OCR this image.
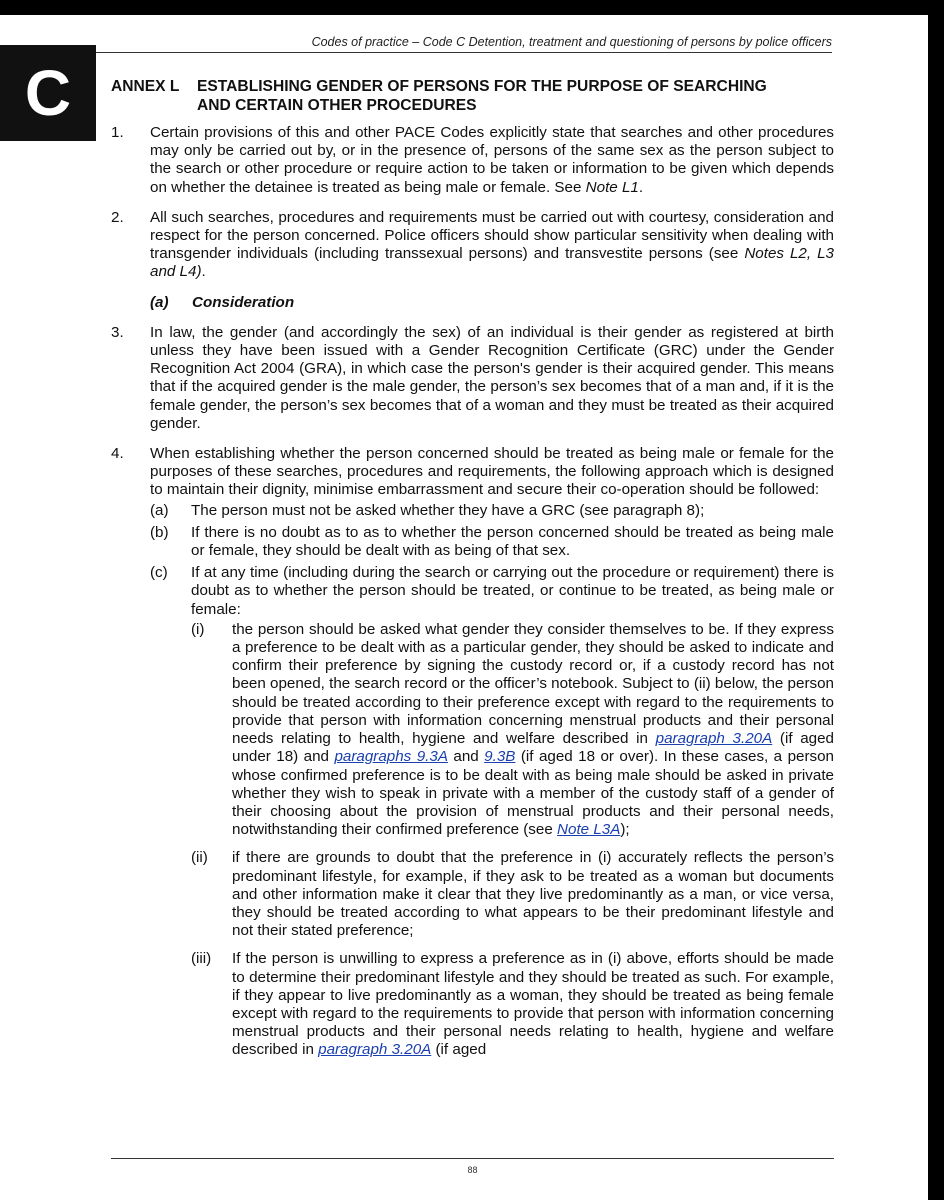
Codes of practice – Code C Detention, treatment and questioning of persons by police officers
C	ANNEX L	ESTABLISHING GENDER OF PERSONS FOR THE PURPOSE OF SEARCHING
AND CERTAIN OTHER PROCEDURES
1.	Certain provisions of this and other PACE Codes explicitly state that searches and other procedures may only be carried out by, or in the presence of, persons of the same sex as the person subject to the search or other procedure or require action to be taken or information to be given which depends on whether the detainee is treated as being male or female. See Note L1.
2.	All such searches, procedures and requirements must be carried out with courtesy, consideration and respect for the person concerned. Police officers should show particular sensitivity when dealing with transgender individuals (including transsexual persons) and transvestite persons (see Notes L2, L3 and L4).
(a)	Consideration
3.	In law, the gender (and accordingly the sex) of an individual is their gender as registered at birth unless they have been issued with a Gender Recognition Certificate (GRC) under the Gender Recognition Act 2004 (GRA), in which case the person's gender is their acquired gender. This means that if the acquired gender is the male gender, the person’s sex becomes that of a man and, if it is the female gender, the person’s sex becomes that of a woman and they must be treated as their acquired gender.
4.	When establishing whether the person concerned should be treated as being male or female for the purposes of these searches, procedures and requirements, the following approach which is designed to maintain their dignity, minimise embarrassment and secure their co-operation should be followed:
(a)	The person must not be asked whether they have a GRC (see paragraph 8);
(b)	If there is no doubt as to as to whether the person concerned should be treated as being male or female, they should be dealt with as being of that sex.
(c)	If at any time (including during the search or carrying out the procedure or requirement) there is doubt as to whether the person should be treated, or continue to be treated, as being male or female:
(i)	the person should be asked what gender they consider themselves to be. If they express a preference to be dealt with as a particular gender, they should be asked to indicate and confirm their preference by signing the custody record or, if a custody record has not been opened, the search record or the officer’s notebook. Subject to (ii) below, the person should be treated according to their preference except with regard to the requirements to provide that person with information concerning menstrual products and their personal needs relating to health, hygiene and welfare described in paragraph 3.20A (if aged under 18) and paragraphs 9.3A and 9.3B (if aged 18 or over). In these cases, a person whose confirmed preference is to be dealt with as being male should be asked in private whether they wish to speak in private with a member of the custody staff of a gender of their choosing about the provision of menstrual products and their personal needs, notwithstanding their confirmed preference (see Note L3A);
(ii)	if there are grounds to doubt that the preference in (i) accurately reflects the person’s predominant lifestyle, for example, if they ask to be treated as a woman but documents and other information make it clear that they live predominantly as a man, or vice versa, they should be treated according to what appears to be their predominant lifestyle and not their stated preference;
(iii)	If the person is unwilling to express a preference as in (i) above, efforts should be made to determine their predominant lifestyle and they should be treated as such. For example, if they appear to live predominantly as a woman, they should be treated as being female except with regard to the requirements to provide that person with information concerning menstrual products and their personal needs relating to health, hygiene and welfare described in paragraph 3.20A (if aged
88
